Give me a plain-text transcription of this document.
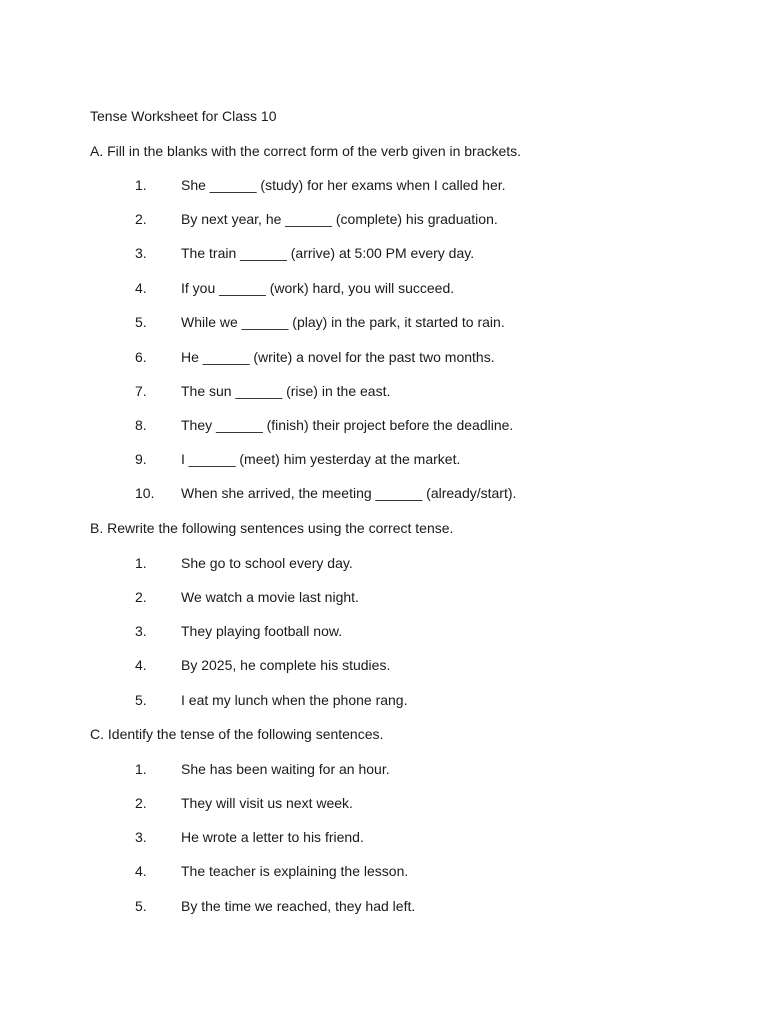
Tense Worksheet for Class 10
A. Fill in the blanks with the correct form of the verb given in brackets.
1. She ______ (study) for her exams when I called her.
2. By next year, he ______ (complete) his graduation.
3. The train ______ (arrive) at 5:00 PM every day.
4. If you ______ (work) hard, you will succeed.
5. While we ______ (play) in the park, it started to rain.
6. He ______ (write) a novel for the past two months.
7. The sun ______ (rise) in the east.
8. They ______ (finish) their project before the deadline.
9. I ______ (meet) him yesterday at the market.
10. When she arrived, the meeting ______ (already/start).
B. Rewrite the following sentences using the correct tense.
1. She go to school every day.
2. We watch a movie last night.
3. They playing football now.
4. By 2025, he complete his studies.
5. I eat my lunch when the phone rang.
C. Identify the tense of the following sentences.
1. She has been waiting for an hour.
2. They will visit us next week.
3. He wrote a letter to his friend.
4. The teacher is explaining the lesson.
5. By the time we reached, they had left.
